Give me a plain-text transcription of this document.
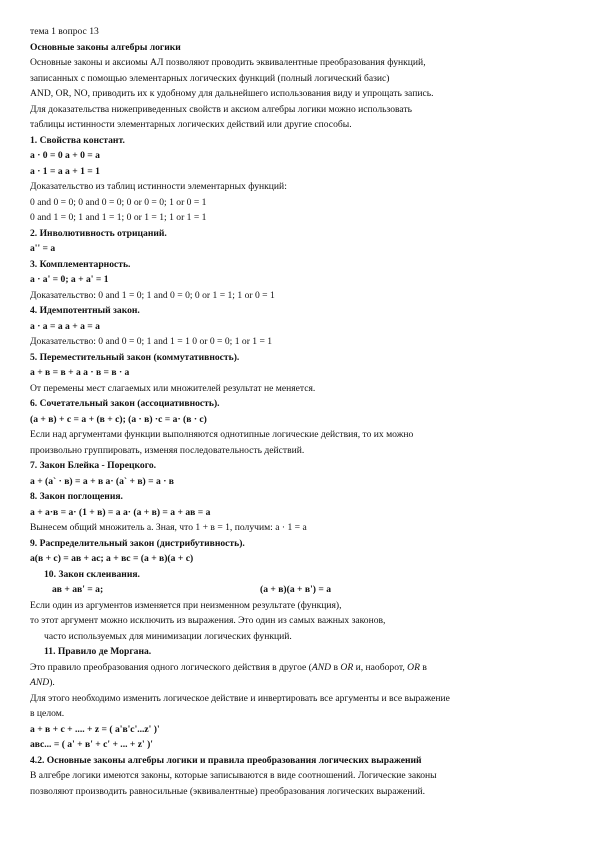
тема 1 вопрос 13

Основные законы алгебры логики

Основные законы и аксиомы АЛ позволяют проводить эквивалентные преобразования функций,

записанных с помощью элементарных логических функций (полный логический базис)

AND, OR, NO, приводить их к удобному для дальнейшего использования виду и упрощать запись.

Для доказательства нижеприведенных свойств и аксиом алгебры логики можно использовать

таблицы истинности элементарных логических действий или другие способы.

1. Свойства констант.

a · 0 = 0 a + 0 = a

a · 1 = a a + 1 = 1

Доказательство из таблиц истинности элементарных функций:

0 and 0 = 0; 0 and 0 = 0; 0 or 0 = 0; 1 or 0 = 1

0 and 1 = 0; 1 and 1 = 1; 0 or 1 = 1; 1 or 1 = 1

2. Инволютивность отрицаний.

a'' = a

3. Комплементарность.

a · a' = 0; a + a' = 1

Доказательство: 0 and 1 = 0; 1 and 0 = 0; 0 or 1 = 1; 1 or 0 = 1

4. Идемпотентный закон.

a · a = a a + a = a

Доказательство: 0 and 0 = 0; 1 and 1 = 1 0 or 0 = 0; 1 or 1 = 1

5. Переместительный закон (коммутативность).

a + в = в + a a · в = в · a

От перемены мест слагаемых или множителей результат не меняется.

6. Сочетательный закон (ассоциативность).

(a + в) + c = a + (в + c); (a · в) ·c = a· (в · c)

Если над аргументами функции выполняются однотипные логические действия, то их можно

произвольно группировать, изменяя последовательность действий.

7. Закон Блейка - Порецкого.

a + (a` · в) = a + в a· (a` + в) = a · в

8. Закон поглощения.

a + a·в = a· (1 + в) = a a· (a + в) = a + aв = a

Вынесем общий множитель a. Зная, что 1 + в = 1, получим: a · 1 = a

9. Распределительный закон (дистрибутивность).

a(в + c) = aв + aс; a + вc = (a + в)(a + c)

10. Закон склеивания.

aв + aв' = a;	(a + в)(a + в') = a

Если один из аргументов изменяется при неизменном результате (функция),

то этот аргумент можно исключить из выражения. Это один из самых важных законов,

часто используемых для минимизации логических функций.

11. Правило де Моргана.

Это правило преобразования одного логического действия в другое (AND в OR и, наоборот, OR в

AND).

Для этого необходимо изменить логическое действие и инвертировать все аргументы и все выражение

в целом.

a + в + c + .... + z = ( a'в'c'...z' )'

aвc... = ( a' + в' + c' + ... + z' )'

4.2. Основные законы алгебры логики и правила преобразования логических выражений

В алгебре логики имеются законы, которые записываются в виде соотношений. Логические законы

позволяют производить равносильные (эквивалентные) преобразования логических выражений.
